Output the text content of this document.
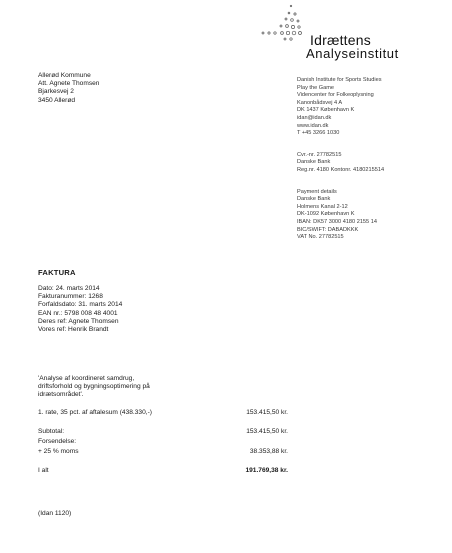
Idrættens
Analyseinstitut
Danish Institute for Sports Studies
Play the Game
Videncenter for Folkeoplysning
Kanonbådsvej 4 A
DK 1437 København K
idan@idan.dk
www.idan.dk
T +45 3266 1030
Cvr.-nr. 27782515
Danske Bank
Reg.nr. 4180 Kontonr. 4180215514
Payment details
Danske Bank
Holmens Kanal 2-12
DK-1092 København K
IBAN: DK57 3000 4180 2155 14
BIC/SWIFT: DABADKKK
VAT No. 27782515
Allerød Kommune
Att. Agnete Thomsen
Bjarkesvej 2
3450 Allerød
FAKTURA
Dato: 24. marts 2014
Fakturanummer: 1268
Forfaldsdato: 31. marts 2014
EAN nr.: 5798 008 48 4001
Deres ref: Agnete Thomsen
Vores ref: Henrik Brandt
'Analyse af koordineret samdrug,
driftsforhold og bygningsoptimering på
idrætsområdet'.
1. rate, 35 pct. af aftalesum (438.330,-)	153.415,50 kr.
Subtotal:	153.415,50 kr.
Forsendelse:
+ 25 % moms	38.353,88 kr.
I alt	191.769,38 kr.
(Idan 1120)
